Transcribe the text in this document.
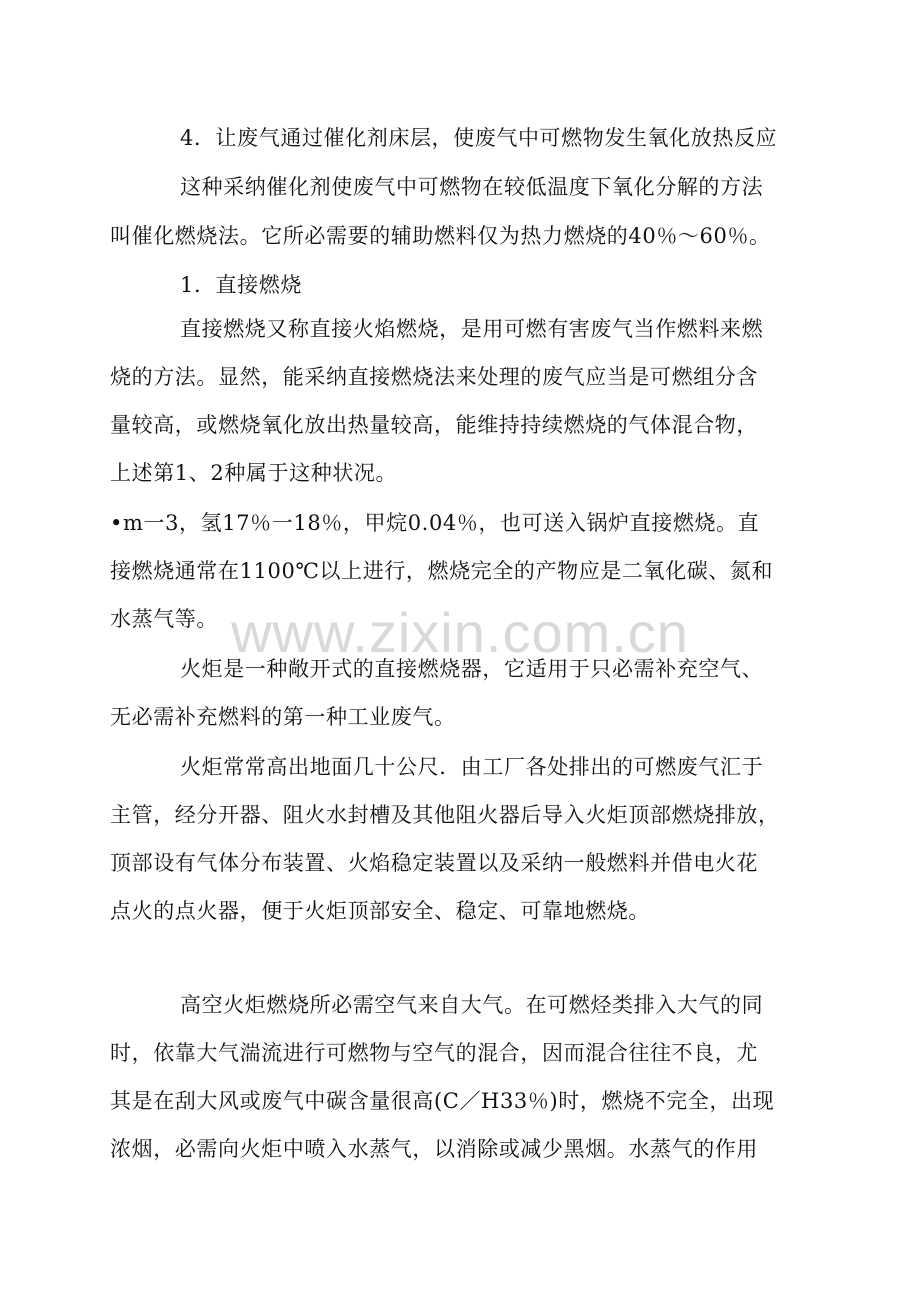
www.zixin.com.cn
4．让废气通过催化剂床层，使废气中可燃物发生氧化放热反应
这种采纳催化剂使废气中可燃物在较低温度下氧化分解的方法
叫催化燃烧法。它所必需要的辅助燃料仅为热力燃烧的40％～60％。
1．直接燃烧
直接燃烧又称直接火焰燃烧，是用可燃有害废气当作燃料来燃
烧的方法。显然，能采纳直接燃烧法来处理的废气应当是可燃组分含
量较高，或燃烧氧化放出热量较高，能维持持续燃烧的气体混合物，
上述第1、2种属于这种状况。
•m一3，氢17％一18％，甲烷0.04％，也可送入锅炉直接燃烧。直
接燃烧通常在1100℃以上进行，燃烧完全的产物应是二氧化碳、氮和
水蒸气等。
火炬是一种敞开式的直接燃烧器，它适用于只必需补充空气、
无必需补充燃料的第一种工业废气。
火炬常常高出地面几十公尺．由工厂各处排出的可燃废气汇于
主管，经分开器、阻火水封槽及其他阻火器后导入火炬顶部燃烧排放，
顶部设有气体分布装置、火焰稳定装置以及采纳一般燃料并借电火花
点火的点火器，便于火炬顶部安全、稳定、可靠地燃烧。
高空火炬燃烧所必需空气来自大气。在可燃烃类排入大气的同
时，依靠大气湍流进行可燃物与空气的混合，因而混合往往不良，尤
其是在刮大风或废气中碳含量很高(C／H33％)时，燃烧不完全，出现
浓烟，必需向火炬中喷入水蒸气，以消除或减少黑烟。水蒸气的作用
